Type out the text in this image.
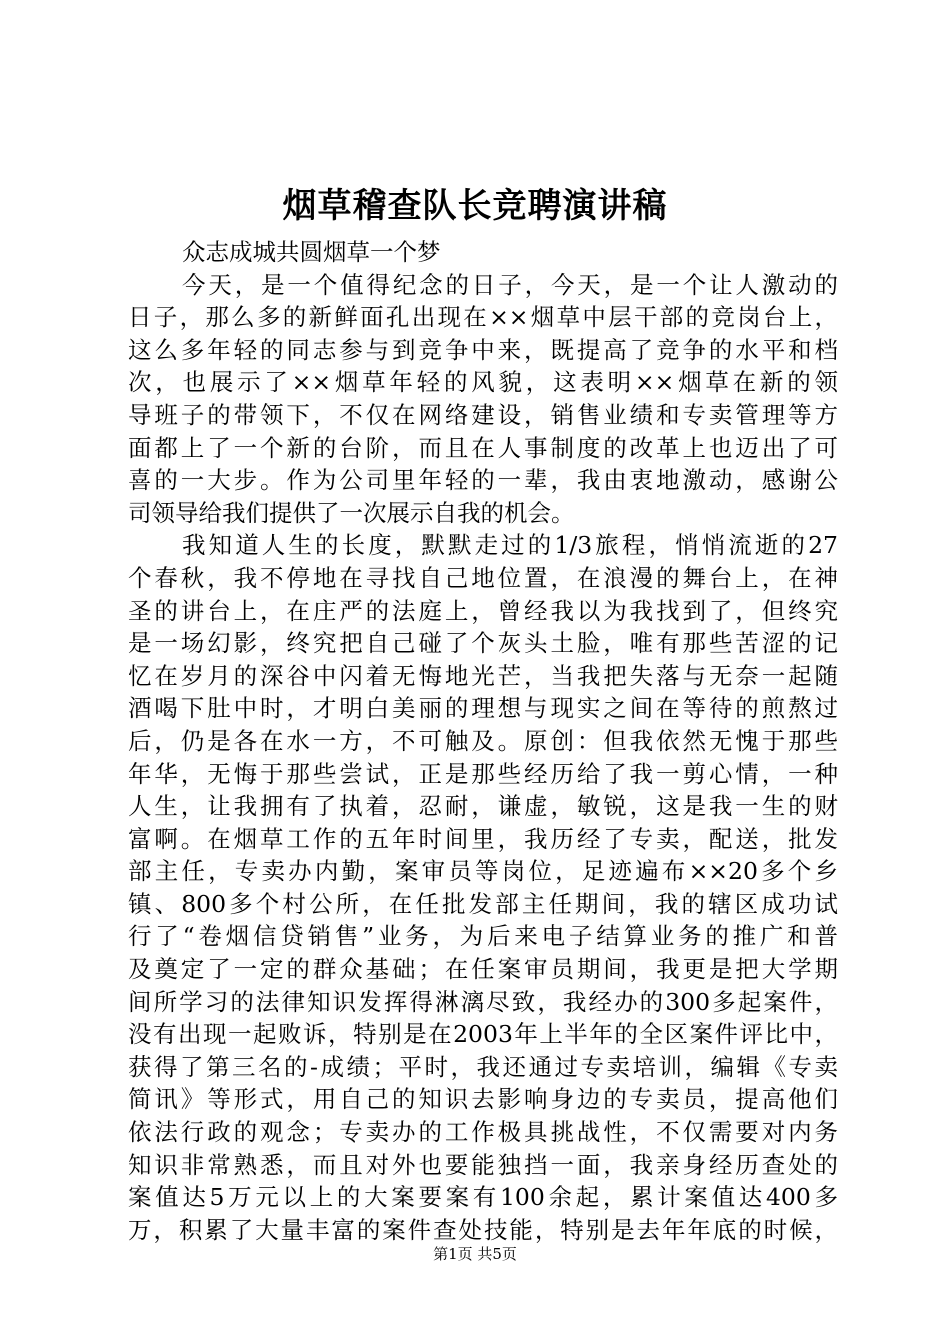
烟草稽查队长竞聘演讲稿
众志成城共圆烟草一个梦
今天，是一个值得纪念的日子，今天，是一个让人激动的
日子，那么多的新鲜面孔出现在××烟草中层干部的竞岗台上，
这么多年轻的同志参与到竞争中来，既提高了竞争的水平和档
次，也展示了××烟草年轻的风貌，这表明××烟草在新的领
导班子的带领下，不仅在网络建设，销售业绩和专卖管理等方
面都上了一个新的台阶，而且在人事制度的改革上也迈出了可
喜的一大步。作为公司里年轻的一辈，我由衷地激动，感谢公
司领导给我们提供了一次展示自我的机会。
我知道人生的长度，默默走过的1/3旅程，悄悄流逝的27
个春秋，我不停地在寻找自己地位置，在浪漫的舞台上，在神
圣的讲台上，在庄严的法庭上，曾经我以为我找到了，但终究
是一场幻影，终究把自己碰了个灰头土脸，唯有那些苦涩的记
忆在岁月的深谷中闪着无悔地光芒，当我把失落与无奈一起随
酒喝下肚中时，才明白美丽的理想与现实之间在等待的煎熬过
后，仍是各在水一方，不可触及。原创：但我依然无愧于那些
年华，无悔于那些尝试，正是那些经历给了我一剪心情，一种
人生，让我拥有了执着，忍耐，谦虚，敏锐，这是我一生的财
富啊。在烟草工作的五年时间里，我历经了专卖，配送，批发
部主任，专卖办内勤，案审员等岗位，足迹遍布××20多个乡
镇、800多个村公所，在任批发部主任期间，我的辖区成功试
行了“卷烟信贷销售”业务，为后来电子结算业务的推广和普
及奠定了一定的群众基础；在任案审员期间，我更是把大学期
间所学习的法律知识发挥得淋漓尽致，我经办的300多起案件，
没有出现一起败诉，特别是在2003年上半年的全区案件评比中，
获得了第三名的-成绩；平时，我还通过专卖培训，编辑《专卖
简讯》等形式，用自己的知识去影响身边的专卖员，提高他们
依法行政的观念；专卖办的工作极具挑战性，不仅需要对内务
知识非常熟悉，而且对外也要能独挡一面，我亲身经历查处的
案值达5万元以上的大案要案有100余起，累计案值达400多
万，积累了大量丰富的案件查处技能，特别是去年年底的时候，
第1页 共5页
